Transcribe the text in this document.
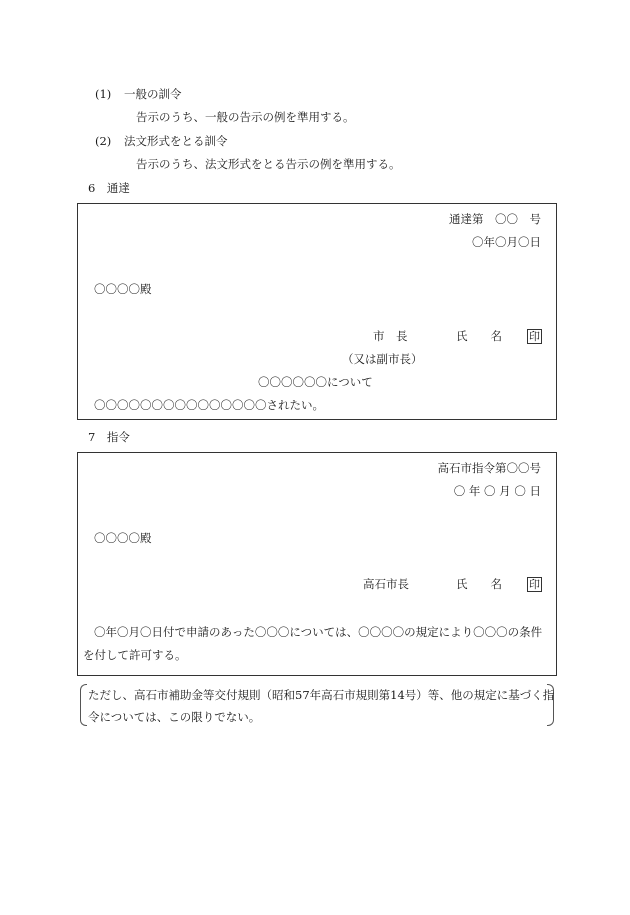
(1) 一般の訓令
告示のうち、一般の告示の例を準用する。
(2) 法文形式をとる訓令
告示のうち、法文形式をとる告示の例を準用する。
6　通達
通達第　〇〇　号
〇年〇月〇日
〇〇〇〇殿
市　長	氏　　名 印
（又は副市長）
〇〇〇〇〇〇について
〇〇〇〇〇〇〇〇〇〇〇〇〇〇〇されたい。
7　指令
高石市指令第〇〇号
〇 年 〇 月 〇 日
〇〇〇〇殿
高石市長	氏　　名 印
〇年〇月〇日付で申請のあった〇〇〇については、〇〇〇〇の規定により〇〇〇の条件
を付して許可する。
ただし、高石市補助金等交付規則（昭和57年高石市規則第14号）等、他の規定に基づく指
令については、この限りでない。
